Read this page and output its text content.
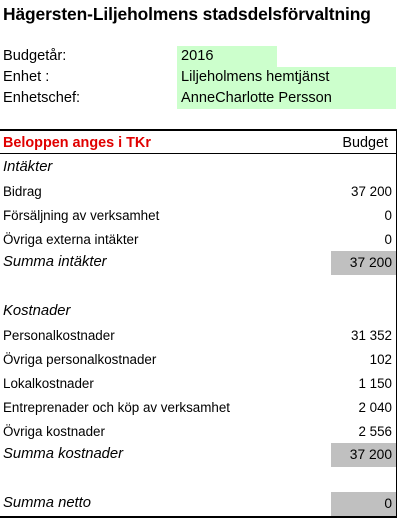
Hägersten-Liljeholmens stadsdelsförvaltning
Budgetår:	2016
Enhet :	Liljeholmens hemtjänst
Enhetschef:	AnneCharlotte Persson
Beloppen anges i TKr	Budget
Intäkter
Bidrag	37 200
Försäljning av verksamhet	0
Övriga externa intäkter	0
Summa intäkter	37 200
Kostnader
Personalkostnader	31 352
Övriga personalkostnader	102
Lokalkostnader	1 150
Entreprenader och köp av verksamhet	2 040
Övriga kostnader	2 556
Summa kostnader	37 200
Summa netto	0
